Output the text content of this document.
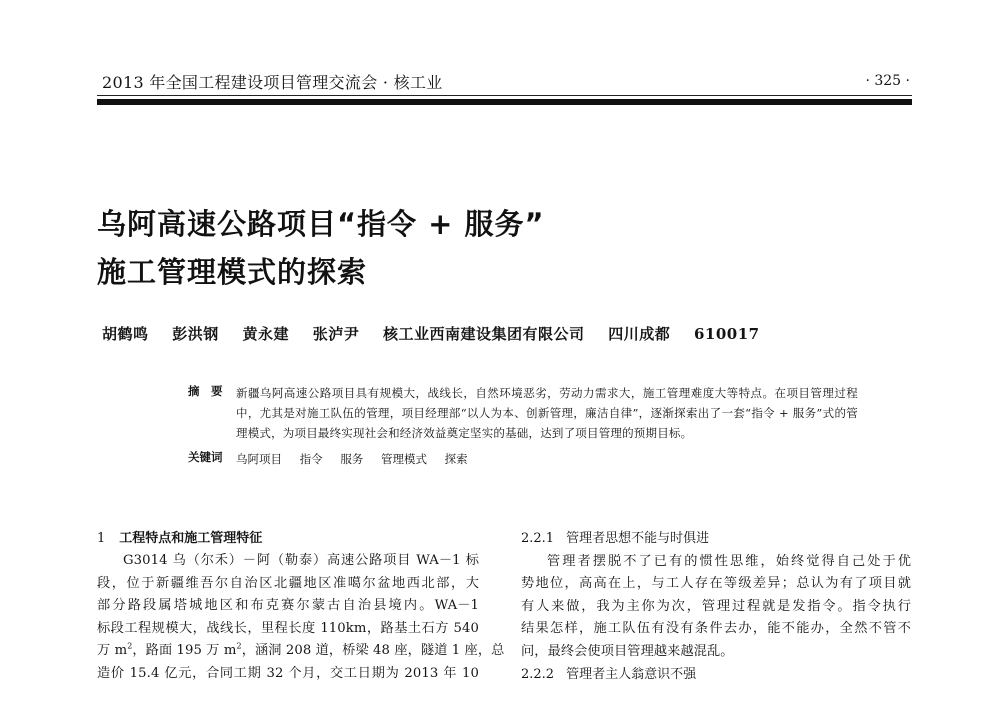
2013 年全国工程建设项目管理交流会 · 核工业	· 325 ·
乌阿高速公路项目“指令 + 服务”
施工管理模式的探索
胡鹤鸣 彭洪钢 黄永建 张泸尹 核工业西南建设集团有限公司 四川成都 610017
摘　要 新疆乌阿高速公路项目具有规模大，战线长，自然环境恶劣，劳动力需求大，施工管理难度大等特点。在项目管理过程中，尤其是对施工队伍的管理，项目经理部“以人为本、创新管理，廉洁自律”，逐渐探索出了一套“指令 + 服务”式的管理模式，为项目最终实现社会和经济效益奠定坚实的基础，达到了项目管理的预期目标。
关键词 乌阿项目 指令 服务 管理模式 探索
1 工程特点和施工管理特征
G3014 乌（尔禾）－阿（勒泰）高速公路项目 WA－1 标
段，位于新疆维吾尔自治区北疆地区准噶尔盆地西北部，大
部分路段属塔城地区和布克赛尔蒙古自治县境内。WA－1
标段工程规模大，战线长，里程长度 110km，路基土石方 540
万 $m^2$，路面 195 万 $m^2$，涵洞 208 道，桥梁 48 座，隧道 1 座，总
造价 15.4 亿元，合同工期 32 个月，交工日期为 2013 年 10
2.2.1 管理者思想不能与时俱进
管理者摆脱不了已有的惯性思维，始终觉得自己处于优
势地位，高高在上，与工人存在等级差异；总认为有了项目就
有人来做，我为主你为次，管理过程就是发指令。指令执行
结果怎样，施工队伍有没有条件去办，能不能办，全然不管不
问，最终会使项目管理越来越混乱。
2.2.2 管理者主人翁意识不强
